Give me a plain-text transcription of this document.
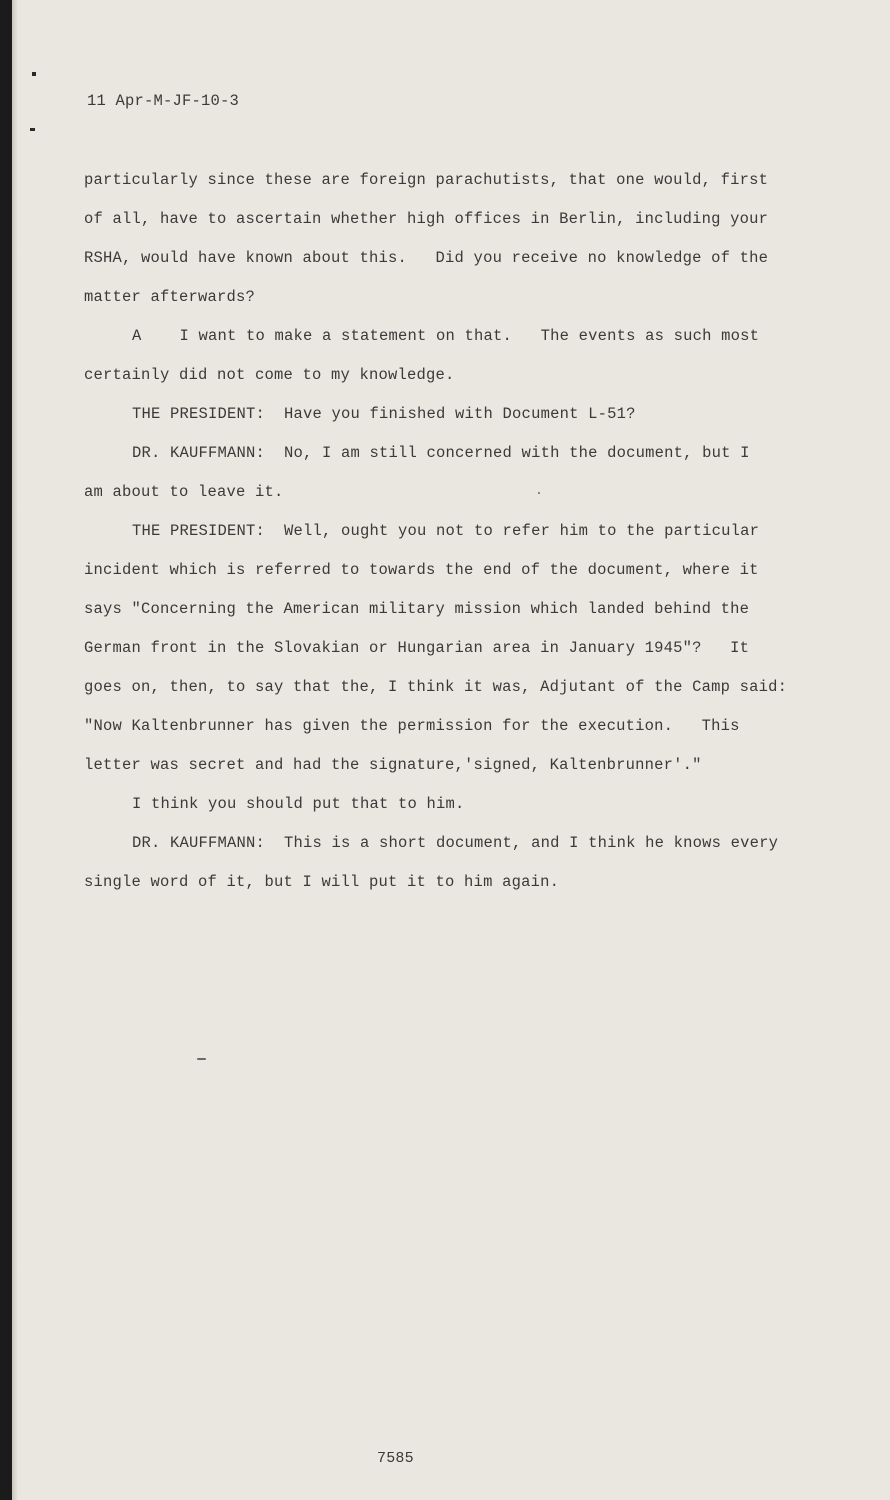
11 Apr-M-JF-10-3
particularly since these are foreign parachutists, that one would, first
of all, have to ascertain whether high offices in Berlin, including your
RSHA, would have known about this.   Did you receive no knowledge of the
matter afterwards?
A    I want to make a statement on that.   The events as such most
certainly did not come to my knowledge.
THE PRESIDENT:  Have you finished with Document L-51?
DR. KAUFFMANN:  No, I am still concerned with the document, but I
am about to leave it.
THE PRESIDENT:  Well, ought you not to refer him to the particular
incident which is referred to towards the end of the document, where it
says "Concerning the American military mission which landed behind the
German front in the Slovakian or Hungarian area in January 1945"?   It
goes on, then, to say that the, I think it was, Adjutant of the Camp said:
"Now Kaltenbrunner has given the permission for the execution.   This
letter was secret and had the signature,'signed, Kaltenbrunner'."
I think you should put that to him.
DR. KAUFFMANN:  This is a short document, and I think he knows every
single word of it, but I will put it to him again.
7585
